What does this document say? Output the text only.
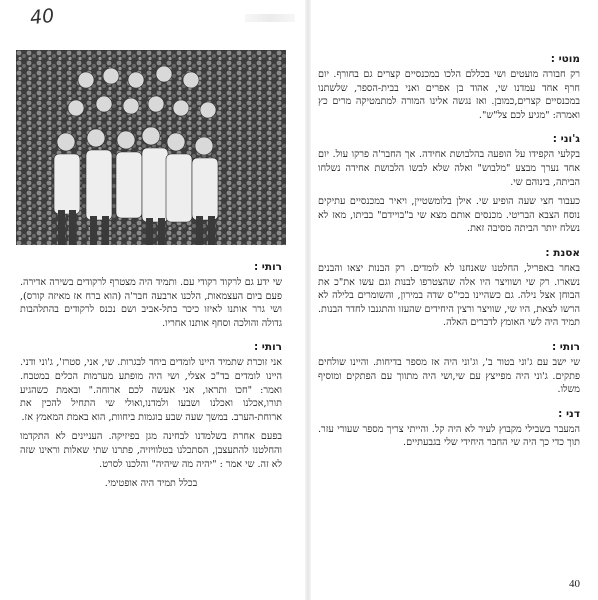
40
רותי :

שי ידע גם לרקוד רקודי עם. ותמיד היה מצטרף לרקודים בשירה אדירה. פעם ביום העצמאות, הלכנו ארבעה חבר'ה (הוא ברח אז מאיזה קורס), ושי גרר אותנו לאיזו כיכר בתל-אביב ושם נכנס לרקודים בהתלהבות גדולה והולכה וסחף אותנו אחריו.

רותי :

אני זוכרת שתמיד היינו לומדים ביחד לבגרות. שי, אני, סטרז', ג'וני ודני. היינו לומדים בד"כ אצלי, ושי היה מופתע מערמות הכלים במטבח. ואמר: "חכו ותראו, אני אעשה לכם ארוחה." ובאמת כשהגיע תורו,אכלנו ואכלנו ושבעו ולמדנו,ואולי שי התחיל להכין את ארוחת-הערב. במשך שעה שבע בוגמות ביחוות, הוא באמת המאמץ אז.

בפעם אחרת בשלמדנו לבחינה מגן בפיזיקה. העניינים לא התקדמו והחלטנו להתעצבן, הסתכלנו בטלוויזיה, פתרנו שתי שאלות וראינו שזה לא זה. שי אמר : "יהיה מה שיהיה" והלכנו לסרט.

בכלל תמיד היה אופטימי.

מוטי :

רק חבורה מועטים ושי בכללם הלכו במכנסיים קצרים גם בחורף. יום חרף אחד עמדנו שי, אהוד בן אפרים ואני בבית-הספר, שלשתנו במכנסיים קצרים,כמובן. ואז נגשה אלינו המורה למתמטיקה מרים כץ ואמרה: "מגיע לכם צל"ש".

ג'וני :

בקלעי הקפידו על הופעה בהלבושת אחידה. אך החבר'ה פרקו עול. יום אחד נערך מבצע "מלבוש" ואלה שלא לבשו הלבושת אחידה נשלחו הביתה, בינוהם שי.

כעבור חצי שעה הופיע שי. אילן בלומשטיין, ויאיר במכנסיים עתיקים נוסח הצבא הבריטי. מכנסים אותם מצא שי ב"בויידם" בביתו, מאז לא נשלח יותר הביתה מסיבה זאת.

אסנת :

באחר באפריל, החלטנו שאנחנו לא לומדים. רק הבנות יצאו והבנים נשארו. רק שי ושוויצר היו אלה שהצטרפו לבנות וגם עשו את"כ את הבוחן אצל נילה. גם כשהיינו בכי"ס שדה במירון, והשומרים בלילה לא הרשו לצאת, היו שי, שוויצר ורצין היחידים שהעזו והתגנבו לחדר הבנות. תמיד היה לשי האומץ לדברים האלה.

רותי :

שי ישב עם ג'וני בטור ב', וג'וני היה אז מספר בדיחות. והיינו שולחים פתקים. ג'וני היה מפייצץ עם שי,ושי היה מתווך עם הפתקים ומוסיף משלו.

דני :

המעבר בשבילי מקבוץ לעיר לא היה קל. והייתי צריך מספר שעורי עזר. תוך כדי כך היה שי החבר היחידי שלי בגבעתיים.

40
